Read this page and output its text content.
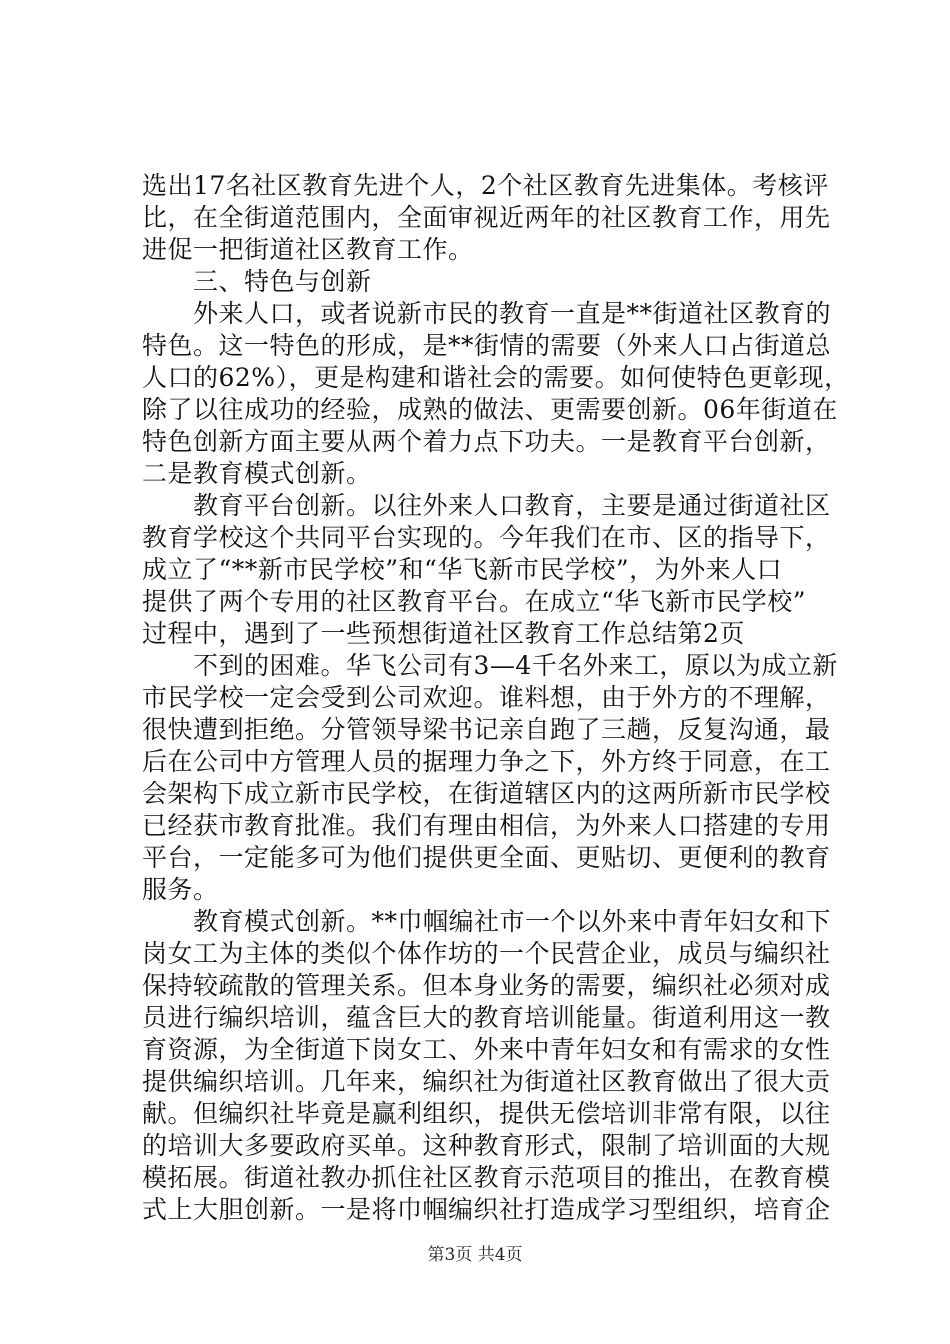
选出17名社区教育先进个人，2个社区教育先进集体。考核评
比，在全街道范围内，全面审视近两年的社区教育工作，用先
进促一把街道社区教育工作。
　　三、特色与创新
　　外来人口，或者说新市民的教育一直是**街道社区教育的
特色。这一特色的形成，是**街情的需要（外来人口占街道总
人口的62%），更是构建和谐社会的需要。如何使特色更彰现，
除了以往成功的经验，成熟的做法、更需要创新。06年街道在
特色创新方面主要从两个着力点下功夫。一是教育平台创新，
二是教育模式创新。
　　教育平台创新。以往外来人口教育，主要是通过街道社区
教育学校这个共同平台实现的。今年我们在市、区的指导下，
成立了“**新市民学校”和“华飞新市民学校”，为外来人口
提供了两个专用的社区教育平台。在成立“华飞新市民学校”
过程中，遇到了一些预想街道社区教育工作总结第2页
　　不到的困难。华飞公司有3—4千名外来工，原以为成立新
市民学校一定会受到公司欢迎。谁料想，由于外方的不理解，
很快遭到拒绝。分管领导梁书记亲自跑了三趟，反复沟通，最
后在公司中方管理人员的据理力争之下，外方终于同意，在工
会架构下成立新市民学校，在街道辖区内的这两所新市民学校
已经获市教育批准。我们有理由相信，为外来人口搭建的专用
平台，一定能多可为他们提供更全面、更贴切、更便利的教育
服务。
　　教育模式创新。**巾帼编社市一个以外来中青年妇女和下
岗女工为主体的类似个体作坊的一个民营企业，成员与编织社
保持较疏散的管理关系。但本身业务的需要，编织社必须对成
员进行编织培训，蕴含巨大的教育培训能量。街道利用这一教
育资源，为全街道下岗女工、外来中青年妇女和有需求的女性
提供编织培训。几年来，编织社为街道社区教育做出了很大贡
献。但编织社毕竟是赢利组织，提供无偿培训非常有限，以往
的培训大多要政府买单。这种教育形式，限制了培训面的大规
模拓展。街道社教办抓住社区教育示范项目的推出，在教育模
式上大胆创新。一是将巾帼编织社打造成学习型组织，培育企
第3页 共4页
